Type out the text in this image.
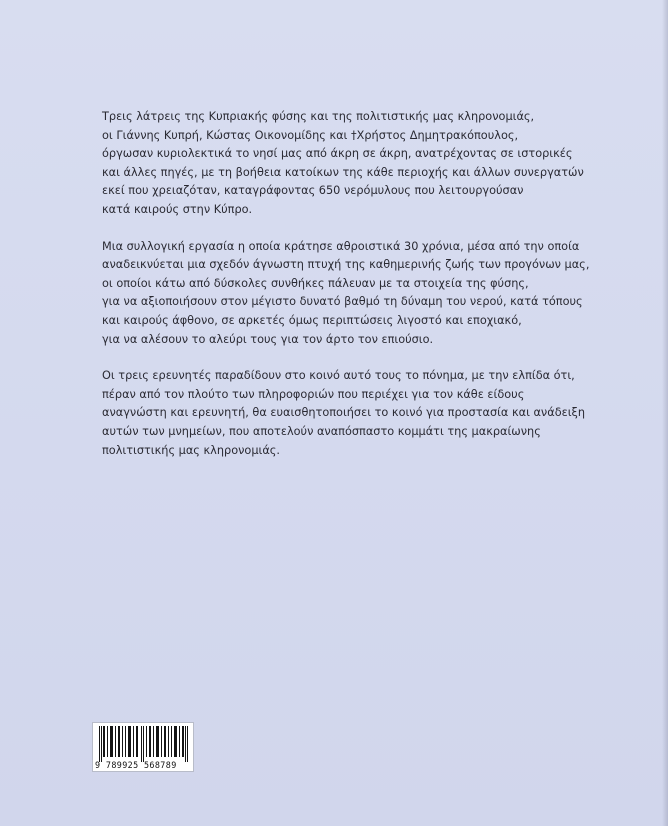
Τρεις λάτρεις της Κυπριακής φύσης και της πολιτιστικής μας κληρονομιάς,
οι Γιάννης Κυπρή, Κώστας Οικονομίδης και †Χρήστος Δημητρακόπουλος,
όργωσαν κυριολεκτικά το νησί μας από άκρη σε άκρη, ανατρέχοντας σε ιστορικές
και άλλες πηγές, με τη βοήθεια κατοίκων της κάθε περιοχής και άλλων συνεργατών
εκεί που χρειαζόταν, καταγράφοντας 650 νερόμυλους που λειτουργούσαν
κατά καιρούς στην Κύπρο.

Μια συλλογική εργασία η οποία κράτησε αθροιστικά 30 χρόνια, μέσα από την οποία
αναδεικνύεται μια σχεδόν άγνωστη πτυχή της καθημερινής ζωής των προγόνων μας,
οι οποίοι κάτω από δύσκολες συνθήκες πάλευαν με τα στοιχεία της φύσης,
για να αξιοποιήσουν στον μέγιστο δυνατό βαθμό τη δύναμη του νερού, κατά τόπους
και καιρούς άφθονο, σε αρκετές όμως περιπτώσεις λιγοστό και εποχιακό,
για να αλέσουν το αλεύρι τους για τον άρτο τον επιούσιο.

Οι τρεις ερευνητές παραδίδουν στο κοινό αυτό τους το πόνημα, με την ελπίδα ότι,
πέραν από τον πλούτο των πληροφοριών που περιέχει για τον κάθε είδους
αναγνώστη και ερευνητή, θα ευαισθητοποιήσει το κοινό για προστασία και ανάδειξη
αυτών των μνημείων, που αποτελούν αναπόσπαστο κομμάτι της μακραίωνης
πολιτιστικής μας κληρονομιάς.

9 789925 568789
